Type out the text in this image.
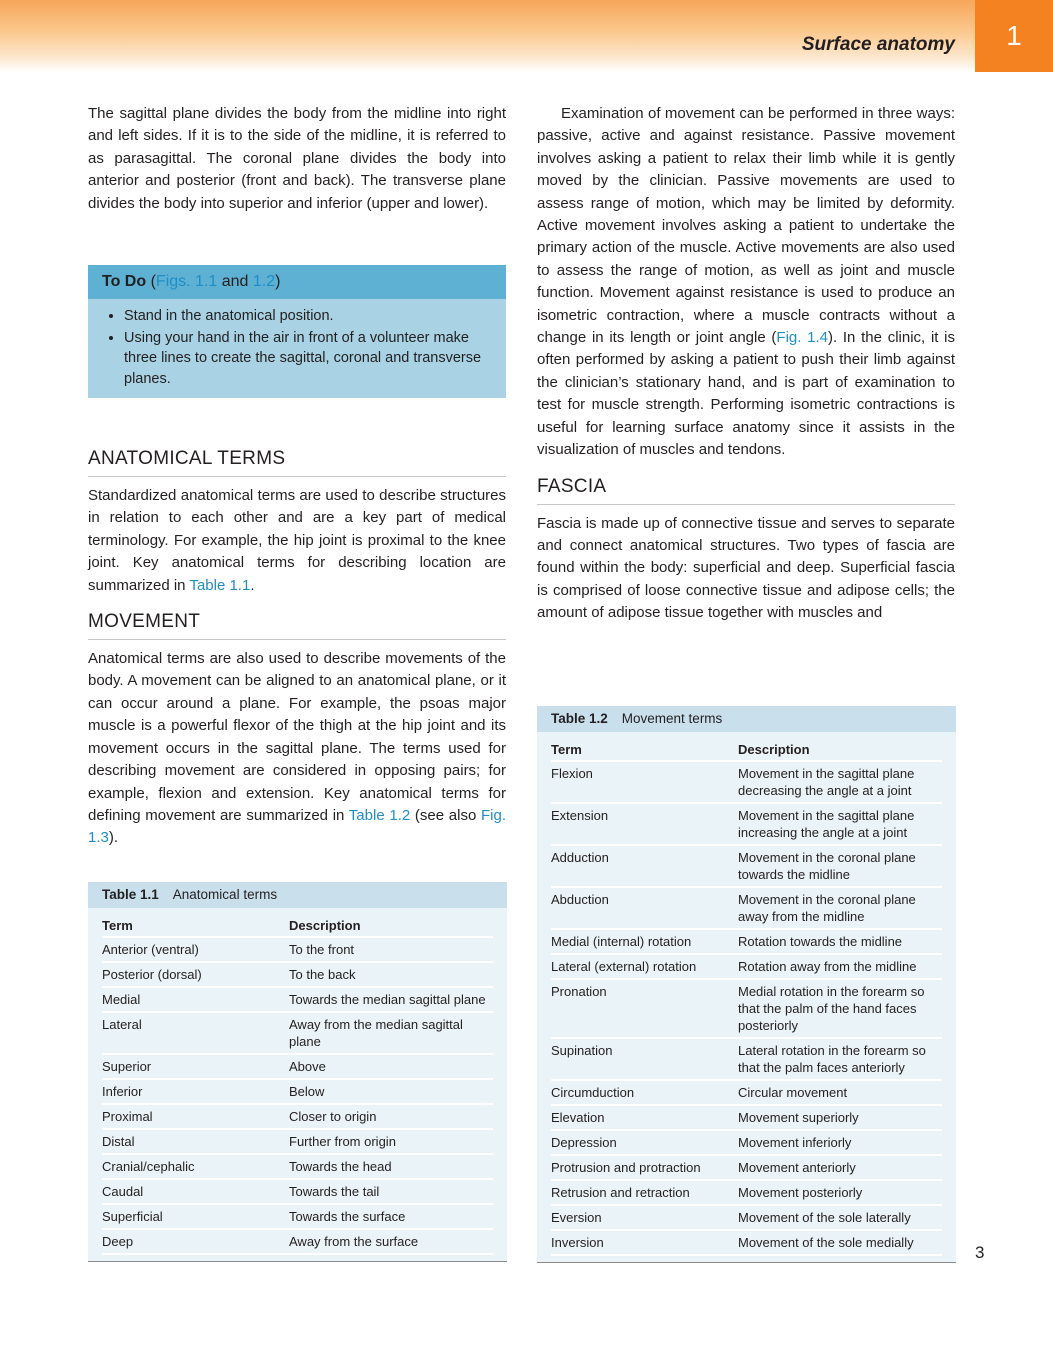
Surface anatomy 1

The sagittal plane divides the body from the midline into right and left sides. If it is to the side of the midline, it is referred to as parasagittal. The coronal plane divides the body into anterior and posterior (front and back). The transverse plane divides the body into superior and inferior (upper and lower).

To Do (Figs. 1.1 and 1.2)
• Stand in the anatomical position.
• Using your hand in the air in front of a volunteer make three lines to create the sagittal, coronal and transverse planes.
ANATOMICAL TERMS

Standardized anatomical terms are used to describe structures in relation to each other and are a key part of medical terminology. For example, the hip joint is proximal to the knee joint. Key anatomical terms for describing location are summarized in Table 1.1.

MOVEMENT

Anatomical terms are also used to describe movements of the body. A movement can be aligned to an anatomical plane, or it can occur around a plane. For example, the psoas major muscle is a powerful flexor of the thigh at the hip joint and its movement occurs in the sagittal plane. The terms used for describing movement are considered in opposing pairs; for example, flexion and extension. Key anatomical terms for defining movement are summarized in Table 1.2 (see also Fig. 1.3).

Examination of movement can be performed in three ways: passive, active and against resistance. Passive movement involves asking a patient to relax their limb while it is gently moved by the clinician. Passive movements are used to assess range of motion, which may be limited by deformity. Active movement involves asking a patient to undertake the primary action of the muscle. Active movements are also used to assess the range of motion, as well as joint and muscle function. Movement against resistance is used to produce an isometric contraction, where a muscle contracts without a change in its length or joint angle (Fig. 1.4). In the clinic, it is often performed by asking a patient to push their limb against the clinician’s stationary hand, and is part of examination to test for muscle strength. Performing isometric contractions is useful for learning surface anatomy since it assists in the visualization of muscles and tendons.

FASCIA

Fascia is made up of connective tissue and serves to separate and connect anatomical structures. Two types of fascia are found within the body: superficial and deep. Superficial fascia is comprised of loose connective tissue and adipose cells; the amount of adipose tissue together with muscles and

Table 1.1 Anatomical terms
Term	Description
Anterior (ventral)	To the front
Posterior (dorsal)	To the back
Medial	Towards the median sagittal plane
Lateral	Away from the median sagittal plane
Superior	Above
Inferior	Below
Proximal	Closer to origin
Distal	Further from origin
Cranial/cephalic	Towards the head
Caudal	Towards the tail
Superficial	Towards the surface
Deep	Away from the surface
Table 1.2 Movement terms
Term	Description
Flexion	Movement in the sagittal plane decreasing the angle at a joint
Extension	Movement in the sagittal plane increasing the angle at a joint
Adduction	Movement in the coronal plane towards the midline
Abduction	Movement in the coronal plane away from the midline
Medial (internal) rotation	Rotation towards the midline
Lateral (external) rotation	Rotation away from the midline
Pronation	Medial rotation in the forearm so that the palm of the hand faces posteriorly
Supination	Lateral rotation in the forearm so that the palm faces anteriorly
Circumduction	Circular movement
Elevation	Movement superiorly
Depression	Movement inferiorly
Protrusion and protraction	Movement anteriorly
Retrusion and retraction	Movement posteriorly
Eversion	Movement of the sole laterally
Inversion	Movement of the sole medially
3
